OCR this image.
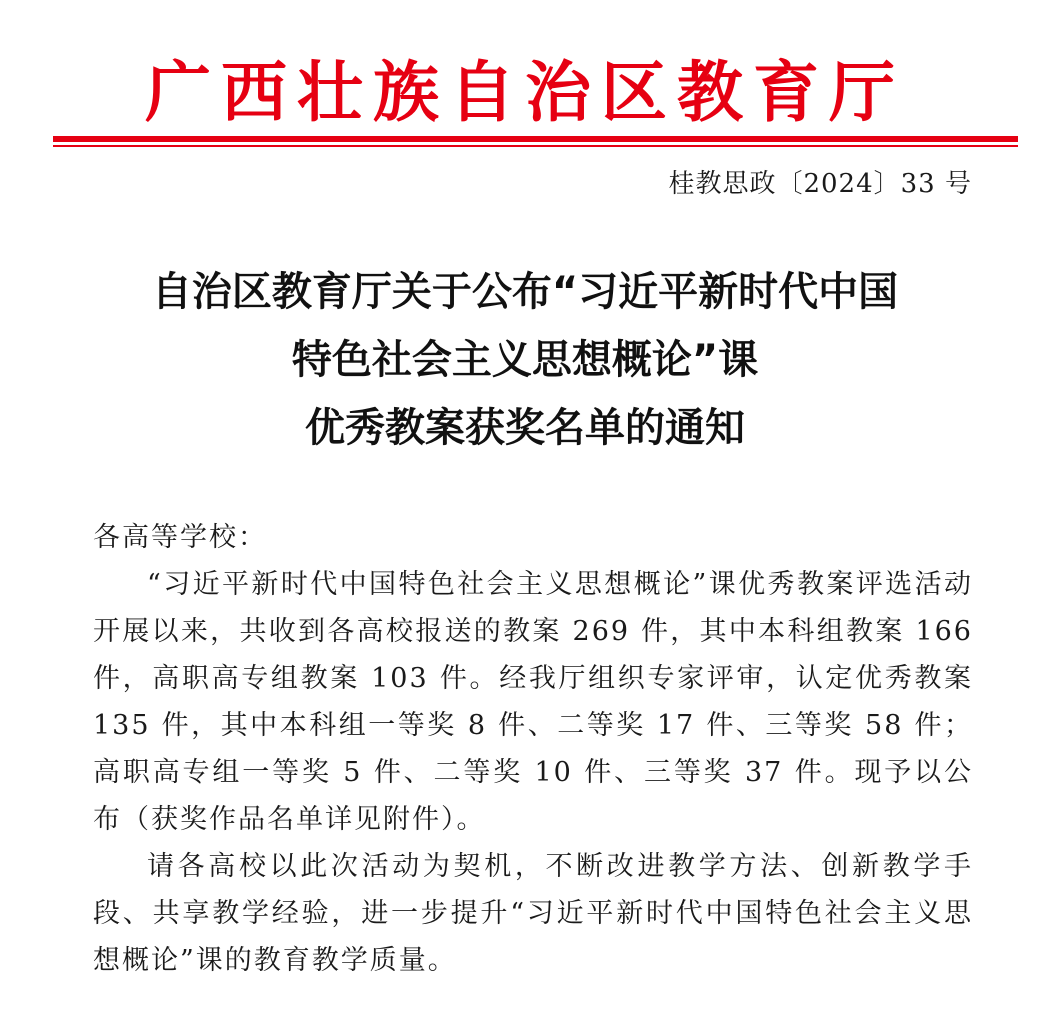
广西壮族自治区教育厅
桂教思政〔2024〕33 号
自治区教育厅关于公布“习近平新时代中国
特色社会主义思想概论”课
优秀教案获奖名单的通知

各高等学校：

“习近平新时代中国特色社会主义思想概论”课优秀教案评选活动开展以来，共收到各高校报送的教案 269 件，其中本科组教案 166 件，高职高专组教案 103 件。经我厅组织专家评审，认定优秀教案 135 件，其中本科组一等奖 8 件、二等奖 17 件、三等奖 58 件；高职高专组一等奖 5 件、二等奖 10 件、三等奖 37 件。现予以公布（获奖作品名单详见附件）。

请各高校以此次活动为契机，不断改进教学方法、创新教学手段、共享教学经验，进一步提升“习近平新时代中国特色社会主义思想概论”课的教育教学质量。
